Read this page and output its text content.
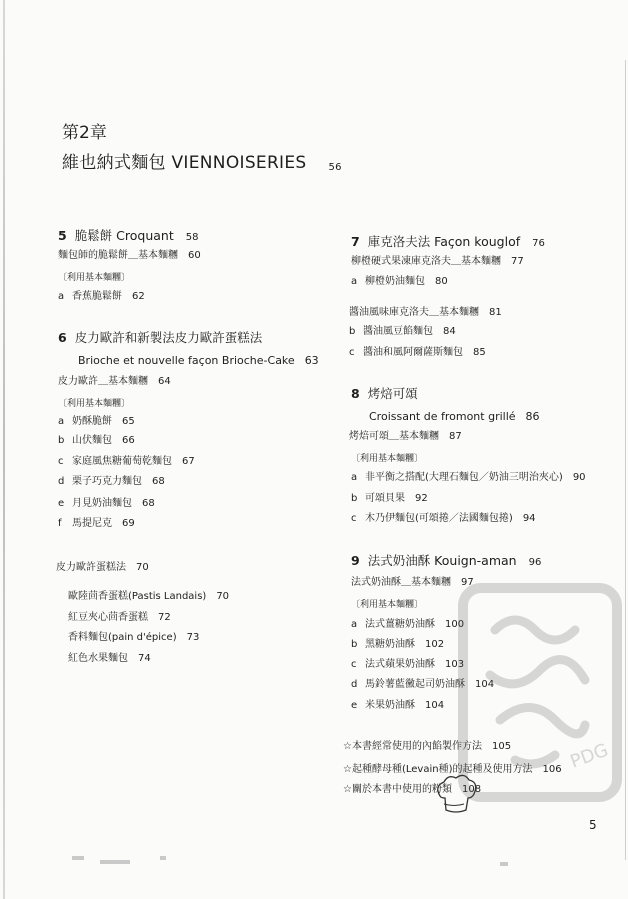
第2章
維也納式麵包 VIENNOISERIES 56
5 脆鬆餅 Croquant 58
麵包師的脆鬆餅＿基本麵糰 60
〔利用基本麵糰〕
a 香蕉脆鬆餅 62
6 皮力歐許和新製法皮力歐許蛋糕法
Brioche et nouvelle façon Brioche-Cake 63
皮力歐許＿基本麵糰 64
〔利用基本麵糰〕
a 奶酥脆餅 65
b 山伏麵包 66
c 家庭風焦糖葡萄乾麵包 67
d 栗子巧克力麵包 68
e 月見奶油麵包 68
f 馬提尼克 69
皮力歐許蛋糕法 70
歐陸茴香蛋糕(Pastis Landais) 70
紅豆夾心茴香蛋糕 72
香料麵包(pain d'épice) 73
紅色水果麵包 74
7 庫克洛夫法 Façon kouglof 76
柳橙硬式果凍庫克洛夫＿基本麵糰 77
a 柳橙奶油麵包 80
醬油風味庫克洛夫＿基本麵糰 81
b 醬油風豆餡麵包 84
c 醬油和風阿爾薩斯麵包 85
8 烤焙可頌
Croissant de fromont grillé 86
烤焙可頌＿基本麵糰 87
〔利用基本麵糰〕
a 非平衡之搭配(大理石麵包／奶油三明治夾心) 90
b 可頌貝果 92
c 木乃伊麵包(可頌捲／法國麵包捲) 94
9 法式奶油酥 Kouign-aman 96
法式奶油酥＿基本麵糰 97
〔利用基本麵糰〕
a 法式薑糖奶油酥 100
b 黑糖奶油酥 102
c 法式蘋果奶油酥 103
d 馬鈴薯藍黴起司奶油酥 104
e 米果奶油酥 104
☆本書經常使用的內餡製作方法 105
☆起種酵母種(Levain種)的起種及使用方法 106
☆關於本書中使用的粉類 108
PDG
5
